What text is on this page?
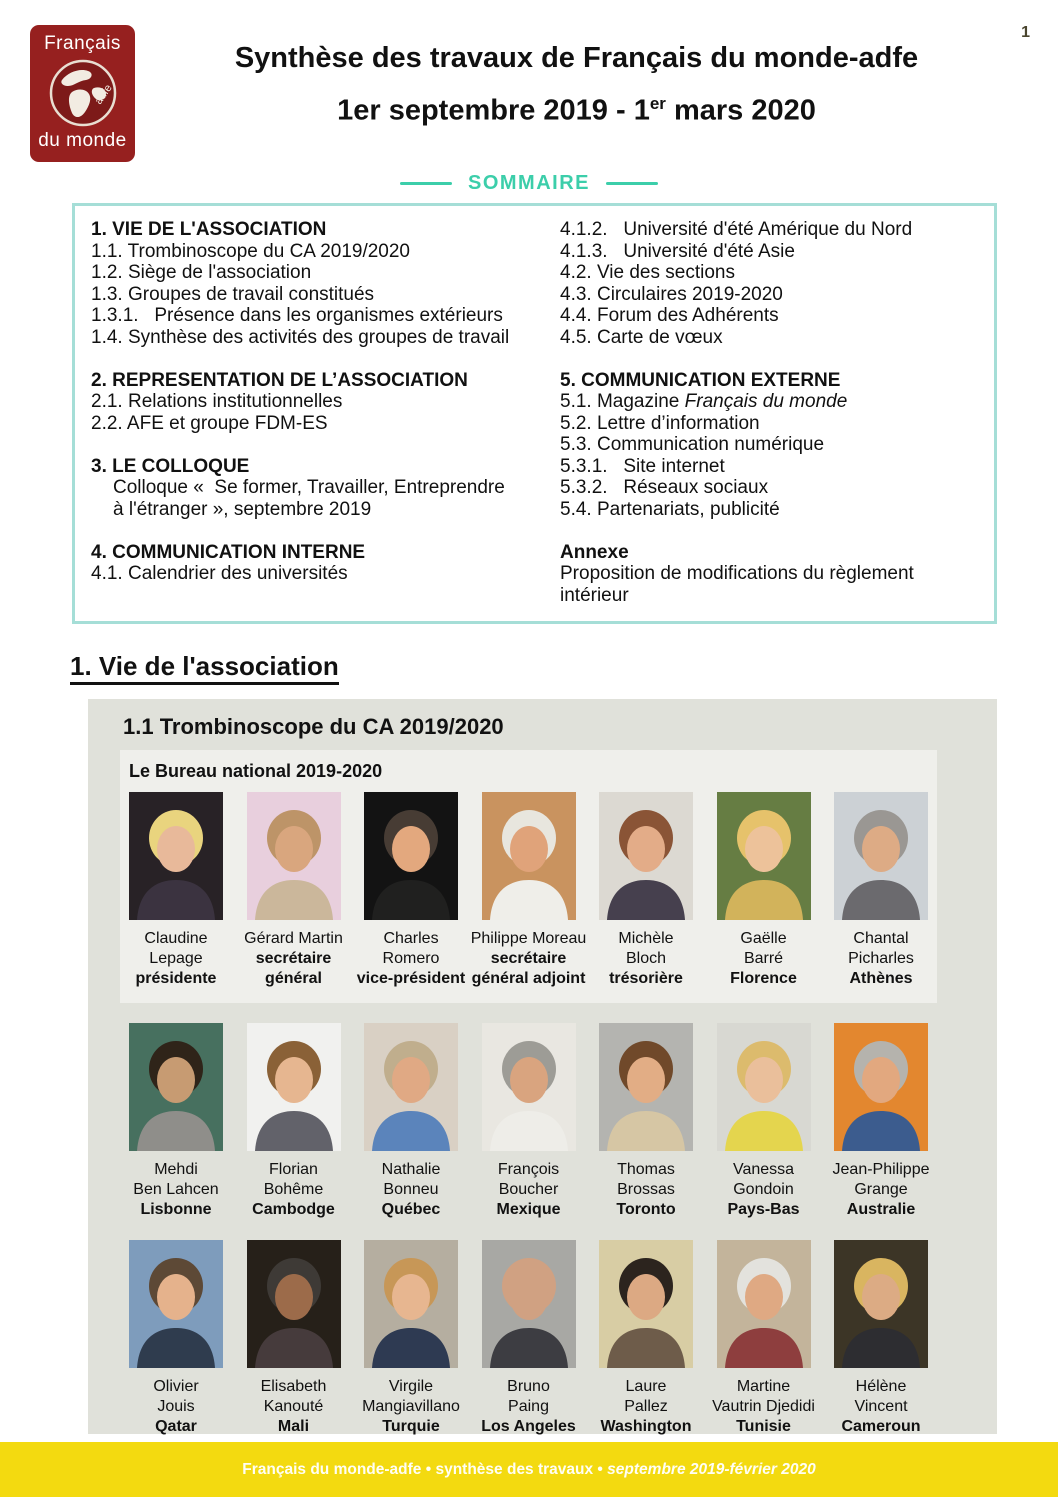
Français
adfe
du monde
Synthèse des travaux de Français du monde-adfe
1er septembre 2019 - 1er mars 2020
SOMMAIRE
1. VIE DE L'ASSOCIATION
1.1. Trombinoscope du CA 2019/2020
1.2. Siège de l'association
1.3. Groupes de travail constitués
1.3.1.   Présence dans les organismes extérieurs
1.4. Synthèse des activités des groupes de travail
2. REPRESENTATION DE L’ASSOCIATION
2.1. Relations institutionnelles
2.2. AFE et groupe FDM-ES
3. LE COLLOQUE
Colloque «  Se former, Travailler, Entreprendre
à l'étranger », septembre 2019
4. COMMUNICATION INTERNE
4.1. Calendrier des universités
4.1.2.   Université d'été Amérique du Nord
4.1.3.   Université d'été Asie
4.2. Vie des sections
4.3. Circulaires 2019-2020
4.4. Forum des Adhérents
4.5. Carte de vœux
5. COMMUNICATION EXTERNE
5.1. Magazine Français du monde
5.2. Lettre d’information
5.3. Communication numérique
5.3.1.   Site internet
5.3.2.   Réseaux sociaux
5.4. Partenariats, publicité
Annexe
Proposition de modifications du règlement intérieur
1. Vie de l'association
1.1 Trombinoscope du CA 2019/2020
Le Bureau national 2019-2020
Claudine
Lepage
présidente
Gérard Martin
secrétaire
général
Charles
Romero
vice-président
Philippe Moreau
secrétaire
général adjoint
Michèle
Bloch
trésorière
Gaëlle
Barré
Florence
Chantal
Picharles
Athènes
Mehdi
Ben Lahcen
Lisbonne
Florian
Bohême
Cambodge
Nathalie
Bonneu
Québec
François
Boucher
Mexique
Thomas
Brossas
Toronto
Vanessa
Gondoin
Pays-Bas
Jean-Philippe
Grange
Australie
Olivier
Jouis
Qatar
Elisabeth
Kanouté
Mali
Virgile
Mangiavillano
Turquie
Bruno
Paing
Los Angeles
Laure
Pallez
Washington
Martine
Vautrin Djedidi
Tunisie
Hélène
Vincent
Cameroun
Français du monde-adfe • synthèse des travaux • septembre 2019-février 2020
1
